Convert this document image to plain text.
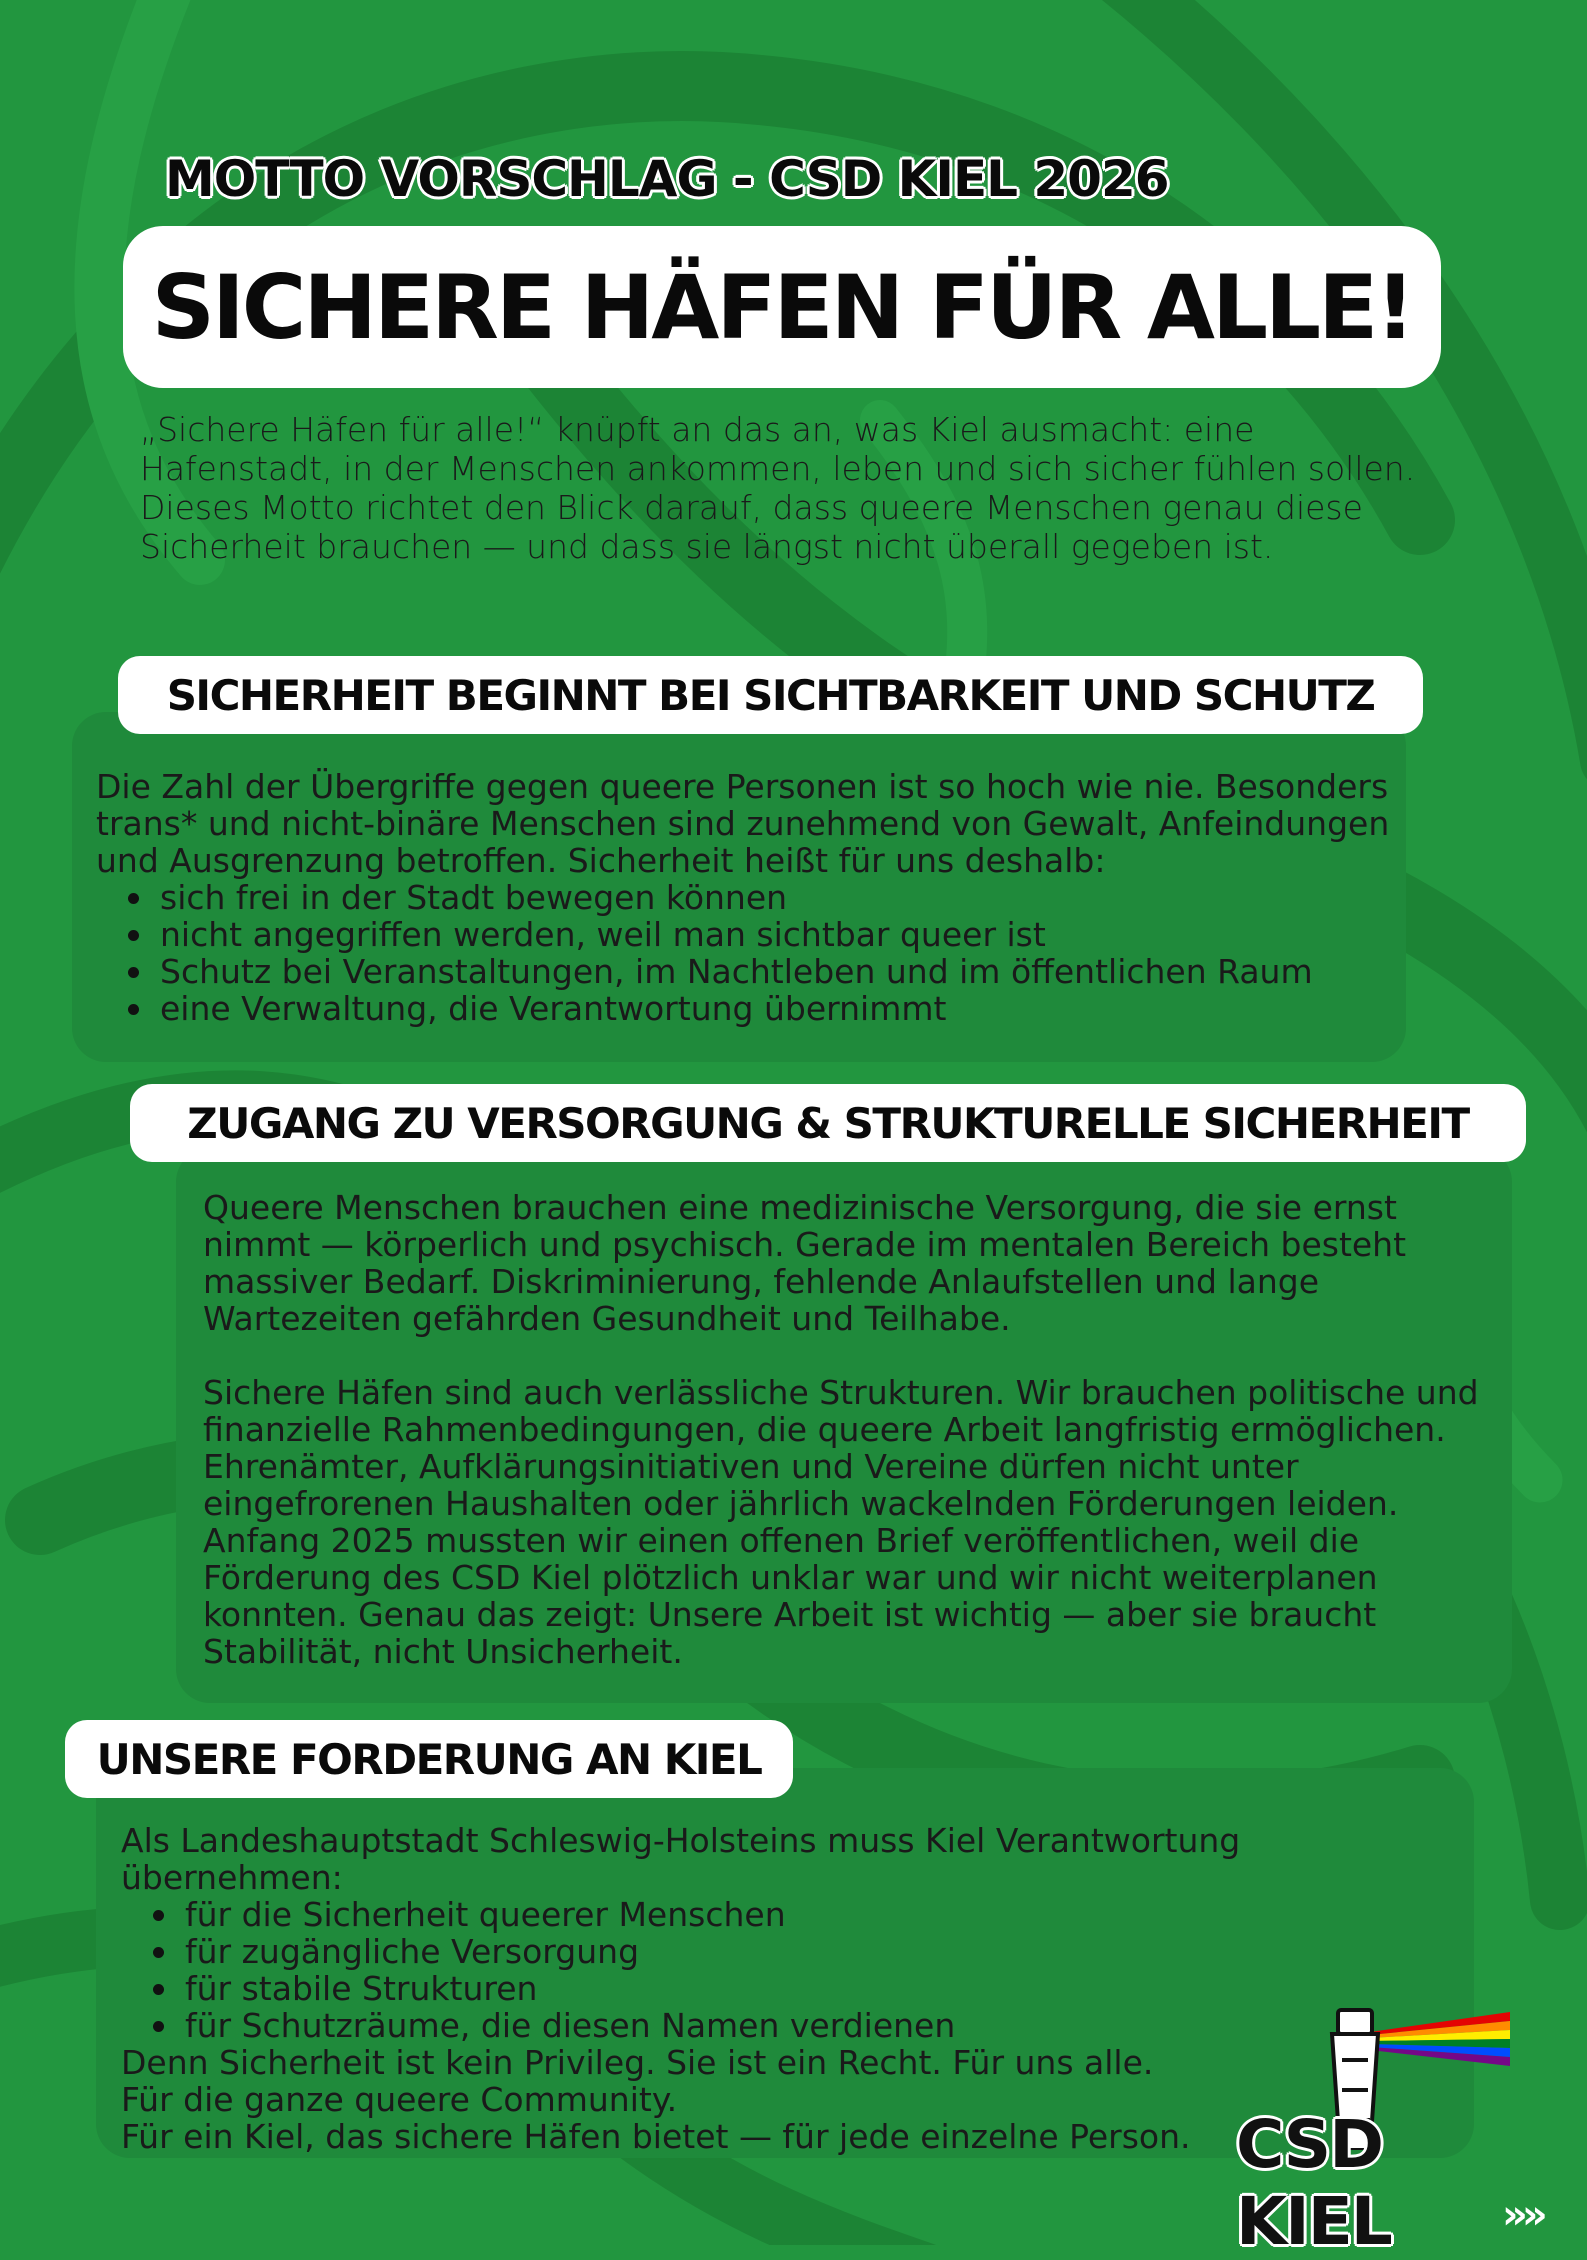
MOTTO VORSCHLAG - CSD KIEL 2026
SICHERE HÄFEN FÜR ALLE!
„Sichere Häfen für alle!“ knüpft an das an, was Kiel ausmacht: eine Hafenstadt, in der Menschen ankommen, leben und sich sicher fühlen sollen. Dieses Motto richtet den Blick darauf, dass queere Menschen genau diese Sicherheit brauchen — und dass sie längst nicht überall gegeben ist.
SICHERHEIT BEGINNT BEI SICHTBARKEIT UND SCHUTZ

Die Zahl der Übergriffe gegen queere Personen ist so hoch wie nie. Besonders trans* und nicht-binäre Menschen sind zunehmend von Gewalt, Anfeindungen und Ausgrenzung betroffen. Sicherheit heißt für uns deshalb:

sich frei in der Stadt bewegen können
nicht angegriffen werden, weil man sichtbar queer ist
Schutz bei Veranstaltungen, im Nachtleben und im öffentlichen Raum
eine Verwaltung, die Verantwortung übernimmt
ZUGANG ZU VERSORGUNG & STRUKTURELLE SICHERHEIT

Queere Menschen brauchen eine medizinische Versorgung, die sie ernst nimmt — körperlich und psychisch. Gerade im mentalen Bereich besteht massiver Bedarf. Diskriminierung, fehlende Anlaufstellen und lange Wartezeiten gefährden Gesundheit und Teilhabe.

Sichere Häfen sind auch verlässliche Strukturen. Wir brauchen politische und finanzielle Rahmenbedingungen, die queere Arbeit langfristig ermöglichen. Ehrenämter, Aufklärungsinitiativen und Vereine dürfen nicht unter eingefrorenen Haushalten oder jährlich wackelnden Förderungen leiden. Anfang 2025 mussten wir einen offenen Brief veröffentlichen, weil die Förderung des CSD Kiel plötzlich unklar war und wir nicht weiterplanen konnten. Genau das zeigt: Unsere Arbeit ist wichtig — aber sie braucht Stabilität, nicht Unsicherheit.

UNSERE FORDERUNG AN KIEL

Als Landeshauptstadt Schleswig-Holsteins muss Kiel Verantwortung übernehmen:

für die Sicherheit queerer Menschen
für zugängliche Versorgung
für stabile Strukturen
für Schutzräume, die diesen Namen verdienen

Denn Sicherheit ist kein Privileg. Sie ist ein Recht. Für uns alle.

Für die ganze queere Community.

Für ein Kiel, das sichere Häfen bietet — für jede einzelne Person. CSD KIEL	»»
